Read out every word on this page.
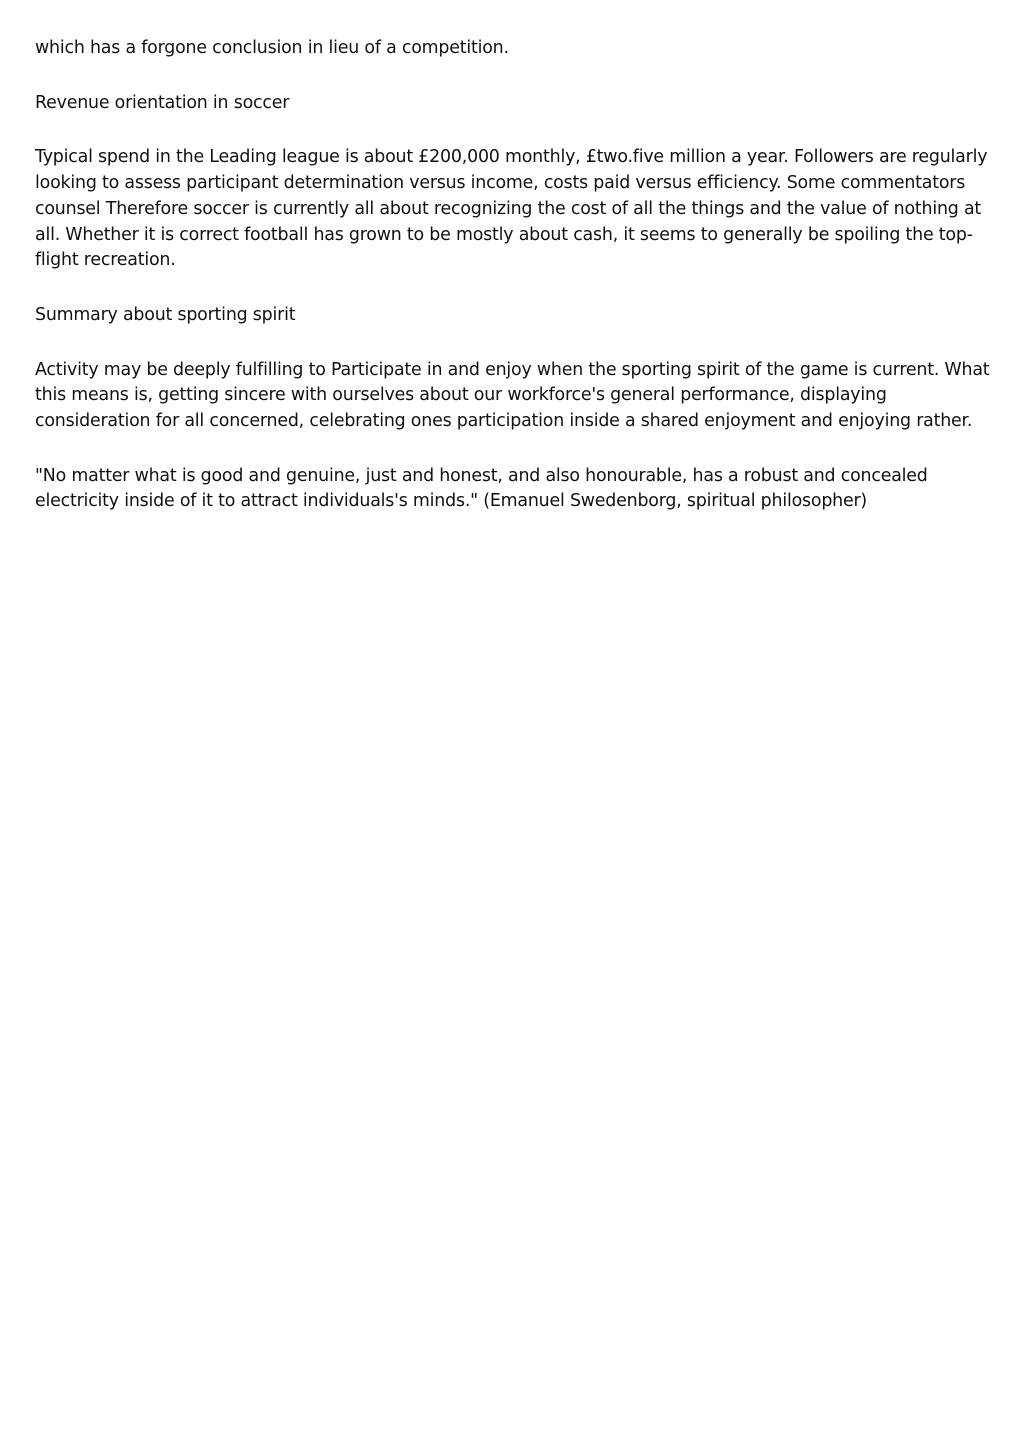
which has a forgone conclusion in lieu of a competition.

Revenue orientation in soccer

Typical spend in the Leading league is about £200,000 monthly, £two.five million a year. Followers are regularly looking to assess participant determination versus income, costs paid versus efficiency. Some commentators counsel Therefore soccer is currently all about recognizing the cost of all the things and the value of nothing at all. Whether it is correct football has grown to be mostly about cash, it seems to generally be spoiling the top-flight recreation.

Summary about sporting spirit

Activity may be deeply fulfilling to Participate in and enjoy when the sporting spirit of the game is current. What this means is, getting sincere with ourselves about our workforce's general performance, displaying consideration for all concerned, celebrating ones participation inside a shared enjoyment and enjoying rather.

"No matter what is good and genuine, just and honest, and also honourable, has a robust and concealed electricity inside of it to attract individuals's minds." (Emanuel Swedenborg, spiritual philosopher)
